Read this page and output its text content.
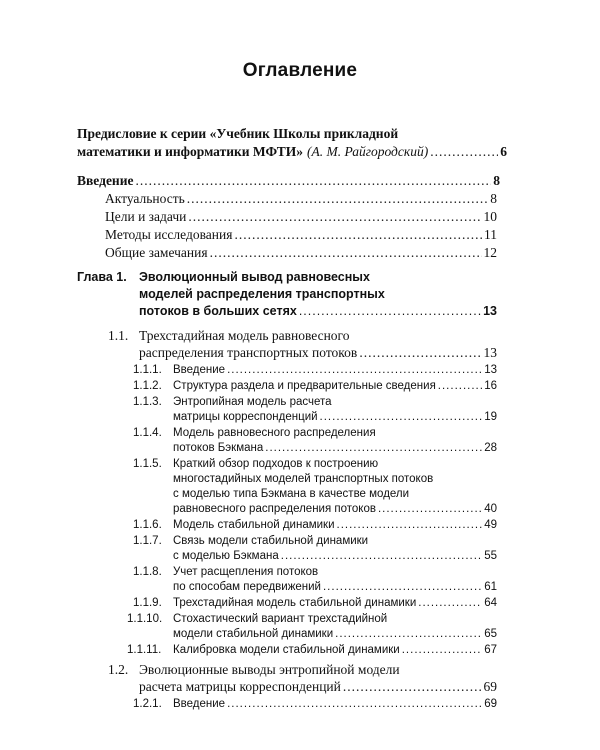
Оглавление
Предисловие к серии «Учебник Школы прикладной
математики и информатики МФТИ» (А. М. Райгородский) .....	6
Введение .....	8
Актуальность .....	8
Цели и задачи .....	10
Методы исследования .....	11
Общие замечания .....	12
Глава 1. Эволюционный вывод равновесных
моделей распределения транспортных
потоков в больших сетях .....	13
1.1. Трехстадийная модель равновесного
распределения транспортных потоков .....	13
1.1.1. Введение .....	13
1.1.2. Структура раздела и предварительные сведения .....	16
1.1.3. Энтропийная модель расчета
матрицы корреспонденций .....	19
1.1.4. Модель равновесного распределения
потоков Бэкмана .....	28
1.1.5. Краткий обзор подходов к построению
многостадийных моделей транспортных потоков
с моделью типа Бэкмана в качестве модели
равновесного распределения потоков .....	40
1.1.6. Модель стабильной динамики .....	49
1.1.7. Связь модели стабильной динамики
с моделью Бэкмана .....	55
1.1.8. Учет расщепления потоков
по способам передвижений .....	61
1.1.9. Трехстадийная модель стабильной динамики .....	64
1.1.10. Стохастический вариант трехстадийной
модели стабильной динамики .....	65
1.1.11. Калибровка модели стабильной динамики .....	67
1.2. Эволюционные выводы энтропийной модели
расчета матрицы корреспонденций .....	69
1.2.1. Введение .....	69
